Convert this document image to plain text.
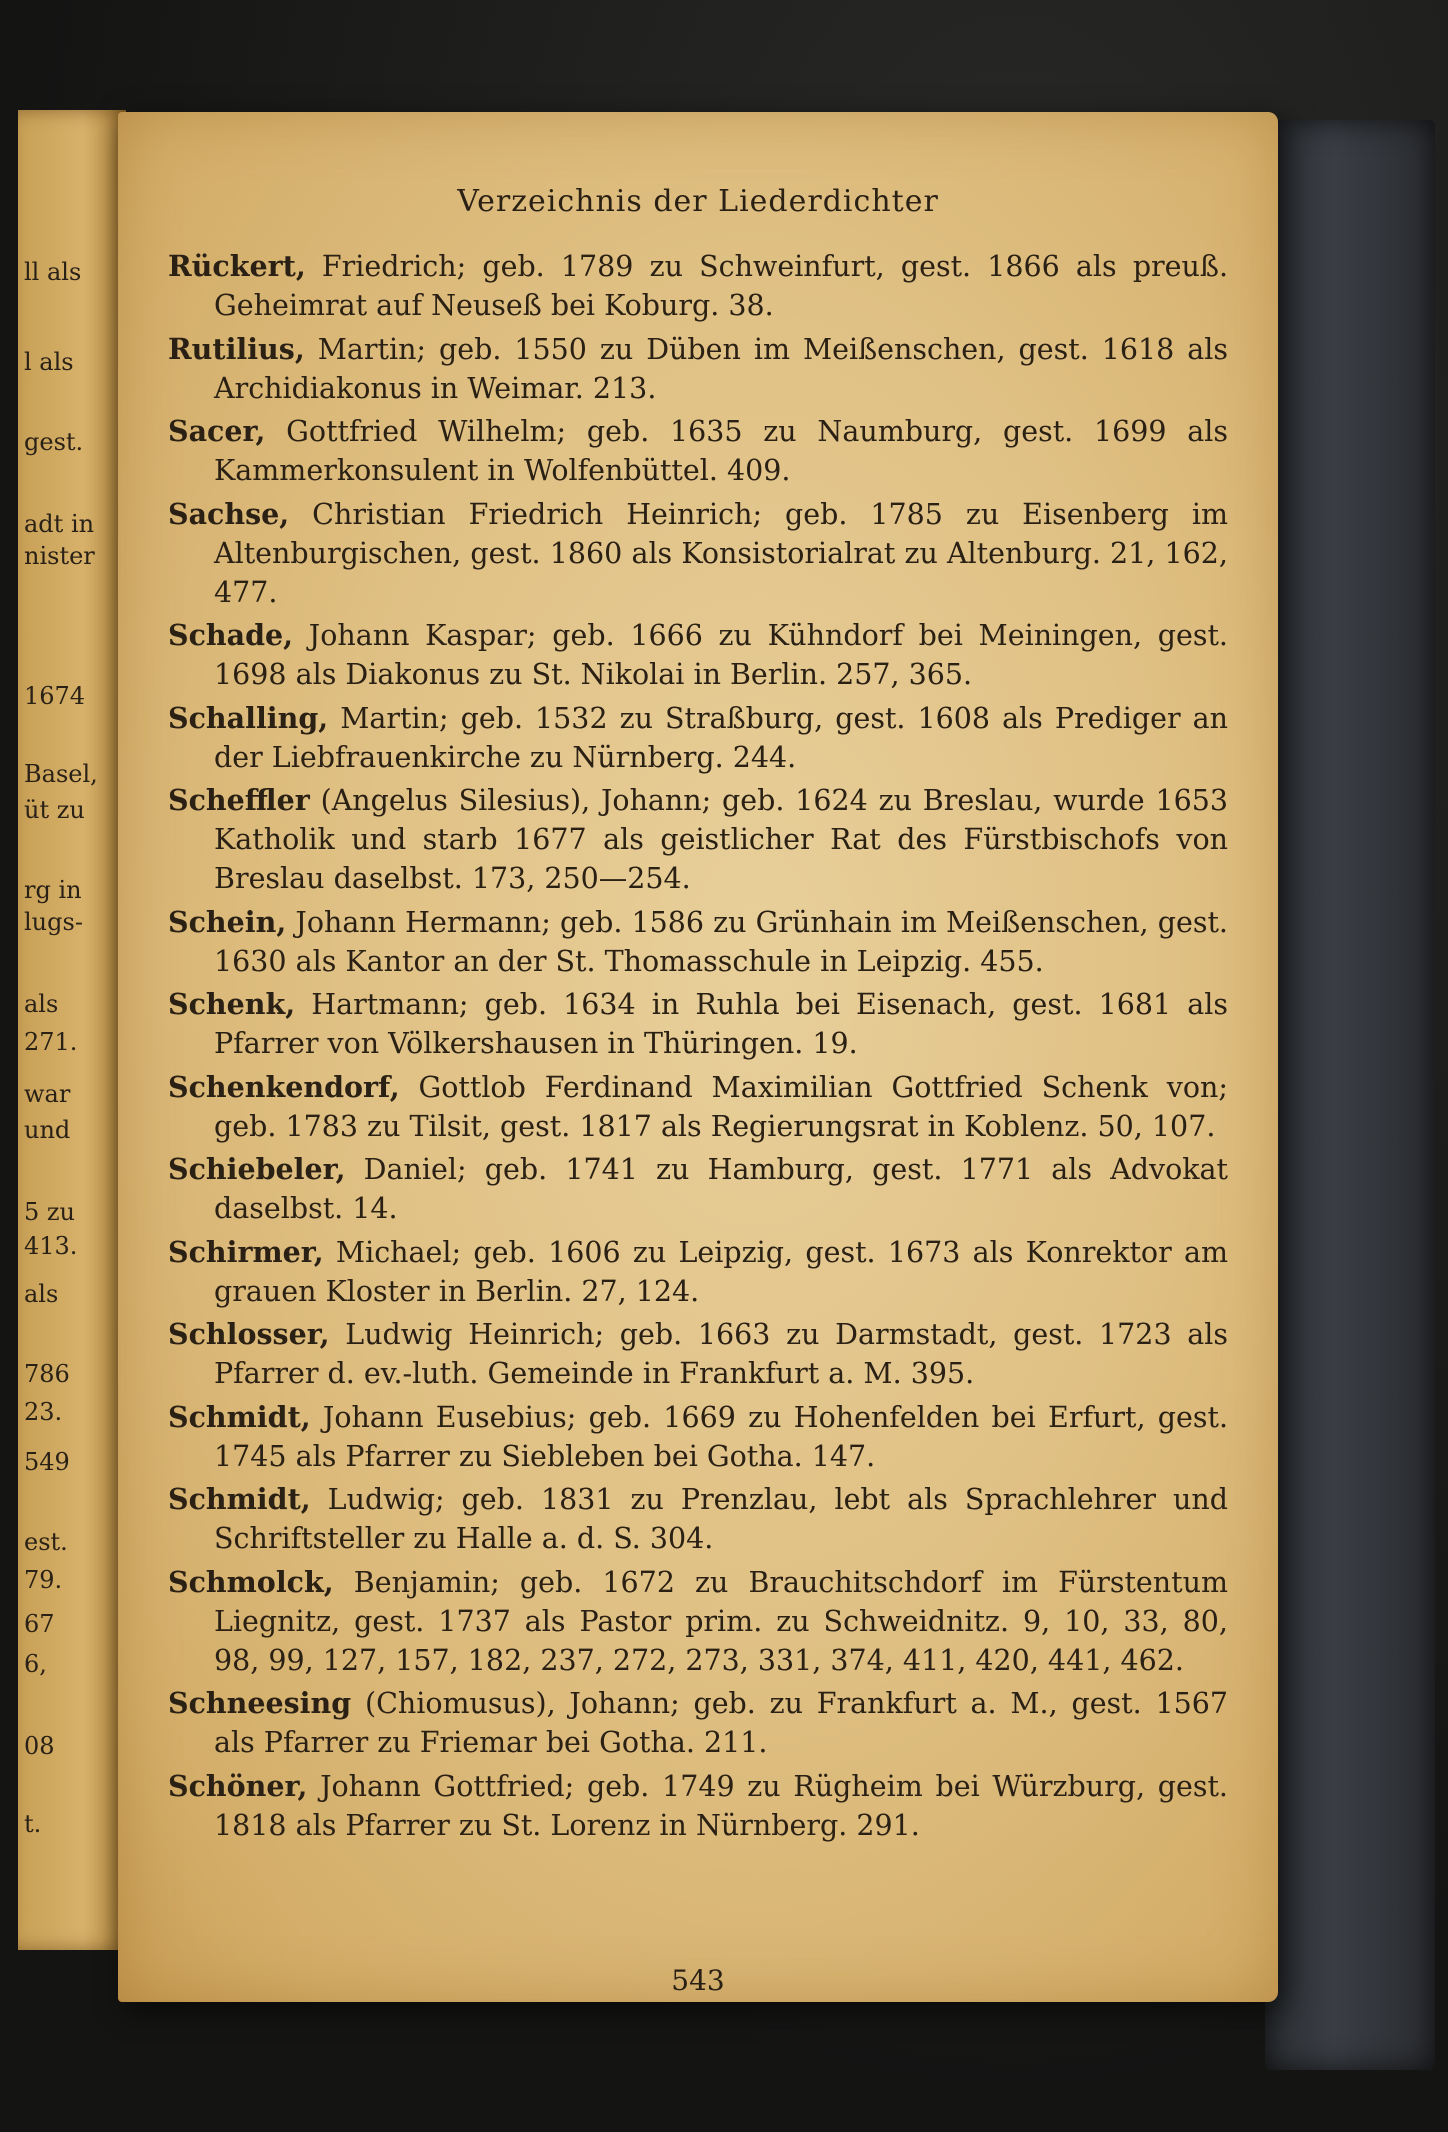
ll als
l als
gest.
adt in
nister
1674
Basel,
üt zu
rg in
lugs-
als
271.
war
und
5 zu
413.
als
786
23.
549
est.
79.
67
6,
08
t.
Verzeichnis der Liederdichter

Rückert, Friedrich; geb. 1789 zu Schweinfurt, gest. 1866 als preuß. Geheimrat auf Neuseß bei Koburg. 38.

Rutilius, Martin; geb. 1550 zu Düben im Meißenschen, gest. 1618 als Archidiakonus in Weimar. 213.

Sacer, Gottfried Wilhelm; geb. 1635 zu Naumburg, gest. 1699 als Kammerkonsulent in Wolfenbüttel. 409.

Sachse, Christian Friedrich Heinrich; geb. 1785 zu Eisenberg im Altenburgischen, gest. 1860 als Konsistorialrat zu Altenburg. 21, 162, 477.

Schade, Johann Kaspar; geb. 1666 zu Kühndorf bei Meiningen, gest. 1698 als Diakonus zu St. Nikolai in Berlin. 257, 365.

Schalling, Martin; geb. 1532 zu Straßburg, gest. 1608 als Prediger an der Liebfrauenkirche zu Nürnberg. 244.

Scheffler (Angelus Silesius), Johann; geb. 1624 zu Breslau, wurde 1653 Katholik und starb 1677 als geistlicher Rat des Fürstbischofs von Breslau daselbst. 173, 250—254.

Schein, Johann Hermann; geb. 1586 zu Grünhain im Meißenschen, gest. 1630 als Kantor an der St. Thomasschule in Leipzig. 455.

Schenk, Hartmann; geb. 1634 in Ruhla bei Eisenach, gest. 1681 als Pfarrer von Völkershausen in Thüringen. 19.

Schenkendorf, Gottlob Ferdinand Maximilian Gottfried Schenk von; geb. 1783 zu Tilsit, gest. 1817 als Regierungsrat in Koblenz. 50, 107.

Schiebeler, Daniel; geb. 1741 zu Hamburg, gest. 1771 als Advokat daselbst. 14.

Schirmer, Michael; geb. 1606 zu Leipzig, gest. 1673 als Konrektor am grauen Kloster in Berlin. 27, 124.

Schlosser, Ludwig Heinrich; geb. 1663 zu Darmstadt, gest. 1723 als Pfarrer d. ev.-luth. Gemeinde in Frankfurt a. M. 395.

Schmidt, Johann Eusebius; geb. 1669 zu Hohenfelden bei Erfurt, gest. 1745 als Pfarrer zu Siebleben bei Gotha. 147.

Schmidt, Ludwig; geb. 1831 zu Prenzlau, lebt als Sprachlehrer und Schriftsteller zu Halle a. d. S. 304.

Schmolck, Benjamin; geb. 1672 zu Brauchitschdorf im Fürstentum Liegnitz, gest. 1737 als Pastor prim. zu Schweidnitz. 9, 10, 33, 80, 98, 99, 127, 157, 182, 237, 272, 273, 331, 374, 411, 420, 441, 462.

Schneesing (Chiomusus), Johann; geb. zu Frankfurt a. M., gest. 1567 als Pfarrer zu Friemar bei Gotha. 211.

Schöner, Johann Gottfried; geb. 1749 zu Rügheim bei Würzburg, gest. 1818 als Pfarrer zu St. Lorenz in Nürnberg. 291.

543
